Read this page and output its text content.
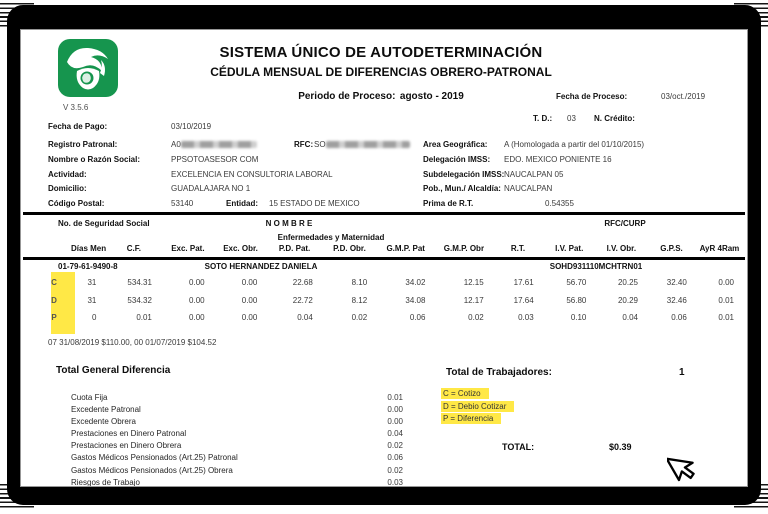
V 3.5.6
SISTEMA ÚNICO DE AUTODETERMINACIÓN
CÉDULA MENSUAL DE DIFERENCIAS OBRERO-PATRONAL
Periodo de Proceso: agosto - 2019	Fecha de Proceso:	03/oct./2019
T. D.: 03 N. Crédito:
Fecha de Pago:	03/10/2019
Registro Patronal:	A0	RFC: SO
Nombre o Razón Social:	PPSOTOASESOR COM
Actividad:	EXCELENCIA EN CONSULTORIA LABORAL
Domicilio:	GUADALAJARA NO 1
Código Postal:	53140	Entidad: 15 ESTADO DE MEXICO
Area Geográfica: A (Homologada a partir del 01/10/2015)
Delegación IMSS: EDO. MEXICO PONIENTE 16
Subdelegación IMSS: NAUCALPAN 05
Pob., Mun./ Alcaldía: NAUCALPAN
Prima de R.T.	0.54355
No. de Seguridad Social	N O M B R E	RFC/CURP
Enfermedades y Maternidad
Días Men	C.F.	Exc. Pat.	Exc. Obr.	P.D. Pat.	P.D. Obr.	G.M.P. Pat	G.M.P. Obr	R.T.	I.V. Pat.	I.V. Obr.	G.P.S.	AyR 4Ram
01-79-61-9490-8	SOTO HERNANDEZ DANIELA	SOHD931110MCHTRN01
C	31	534.31	0.00	0.00	22.68	8.10	34.02	12.15	17.61	56.70	20.25	32.40	0.00
D	31	534.32	0.00	0.00	22.72	8.12	34.08	12.17	17.64	56.80	20.29	32.46	0.01
P	0	0.01	0.00	0.00	0.04	0.02	0.06	0.02	0.03	0.10	0.04	0.06	0.01
07 31/08/2019 $110.00, 00 01/07/2019 $104.52
Total General Diferencia	Total de Trabajadores:	1
Cuota Fija	0.01
Excedente Patronal	0.00
Excedente Obrera	0.00
Prestaciones en Dinero Patronal	0.04
Prestaciones en Dinero Obrera	0.02
Gastos Médicos Pensionados (Art.25) Patronal	0.06
Gastos Médicos Pensionados (Art.25) Obrera	0.02
Riesgos de Trabajo	0.03
C = Cotizo
D = Debio Cotizar
P = Diferencia
TOTAL:	$0.39
